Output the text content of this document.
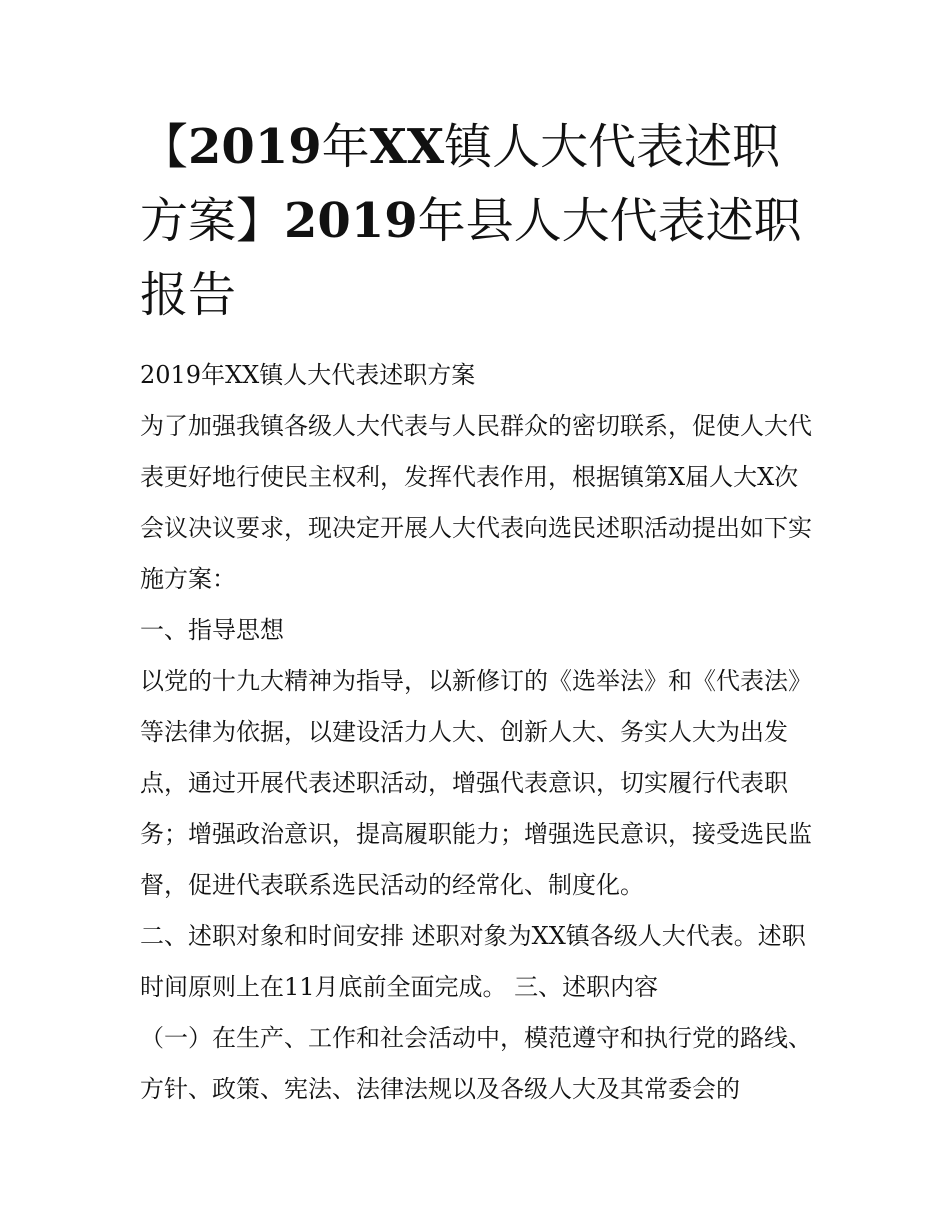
【2019年XX镇人大代表述职方案】2019年县人大代表述职报告

2019年XX镇人大代表述职方案

为了加强我镇各级人大代表与人民群众的密切联系，促使人大代表更好地行使民主权利，发挥代表作用，根据镇第X届人大X次会议决议要求，现决定开展人大代表向选民述职活动提出如下实施方案：

一、指导思想

以党的十九大精神为指导，以新修订的《选举法》和《代表法》等法律为依据，以建设活力人大、创新人大、务实人大为出发点，通过开展代表述职活动，增强代表意识，切实履行代表职务；增强政治意识，提高履职能力；增强选民意识，接受选民监督，促进代表联系选民活动的经常化、制度化。

二、述职对象和时间安排 述职对象为XX镇各级人大代表。述职时间原则上在11月底前全面完成。 三、述职内容

（一）在生产、工作和社会活动中，模范遵守和执行党的路线、方针、政策、宪法、法律法规以及各级人大及其常委会的
